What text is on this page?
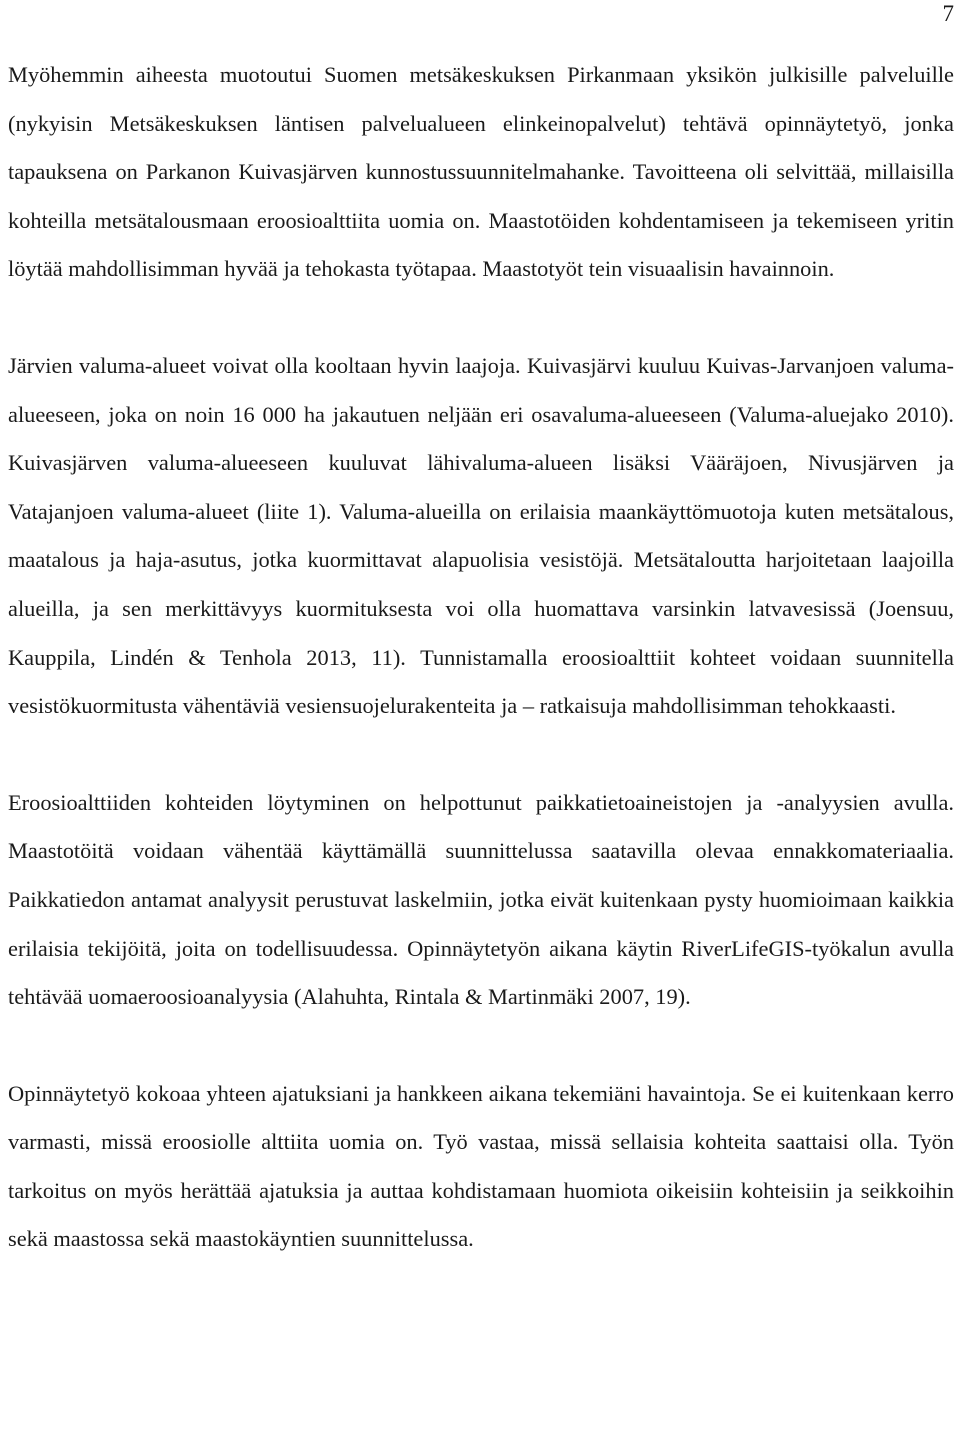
7

Myöhemmin aiheesta muotoutui Suomen metsäkeskuksen Pirkanmaan yksikön julkisille palveluille (nykyisin Metsäkeskuksen läntisen palvelualueen elinkeinopalvelut) tehtävä opinnäytetyö, jonka tapauksena on Parkanon Kuivasjärven kunnostussuunnitelmahanke. Tavoitteena oli selvittää, millaisilla kohteilla metsätalousmaan eroosioalttiita uomia on. Maastotöiden kohdentamiseen ja tekemiseen yritin löytää mahdollisimman hyvää ja tehokasta työtapaa. Maastotyöt tein visuaalisin havainnoin.

Järvien valuma-alueet voivat olla kooltaan hyvin laajoja. Kuivasjärvi kuuluu Kuivas-Jarvanjoen valuma-alueeseen, joka on noin 16 000 ha jakautuen neljään eri osavaluma-alueeseen (Valuma-aluejako 2010). Kuivasjärven valuma-alueeseen kuuluvat lähivaluma-alueen lisäksi Vääräjoen, Nivusjärven ja Vatajanjoen valuma-alueet (liite 1). Valuma-alueilla on erilaisia maankäyttömuotoja kuten metsätalous, maatalous ja haja-asutus, jotka kuormittavat alapuolisia vesistöjä. Metsätaloutta harjoitetaan laajoilla alueilla, ja sen merkittävyys kuormituksesta voi olla huomattava varsinkin latvavesissä (Joensuu, Kauppila, Lindén & Tenhola 2013, 11). Tunnistamalla eroosioalttiit kohteet voidaan suunnitella vesistökuormitusta vähentäviä vesiensuojelurakenteita ja – ratkaisuja mahdollisimman tehokkaasti.

Eroosioalttiiden kohteiden löytyminen on helpottunut paikkatietoaineistojen ja -analyysien avulla. Maastotöitä voidaan vähentää käyttämällä suunnittelussa saatavilla olevaa ennakkomateriaalia. Paikkatiedon antamat analyysit perustuvat laskelmiin, jotka eivät kuitenkaan pysty huomioimaan kaikkia erilaisia tekijöitä, joita on todellisuudessa. Opinnäytetyön aikana käytin RiverLifeGIS-työkalun avulla tehtävää uomaeroosioanalyysia (Alahuhta, Rintala & Martinmäki 2007, 19).

Opinnäytetyö kokoaa yhteen ajatuksiani ja hankkeen aikana tekemiäni havaintoja. Se ei kuitenkaan kerro varmasti, missä eroosiolle alttiita uomia on. Työ vastaa, missä sellaisia kohteita saattaisi olla. Työn tarkoitus on myös herättää ajatuksia ja auttaa kohdistamaan huomiota oikeisiin kohteisiin ja seikkoihin sekä maastossa sekä maastokäyntien suunnittelussa.
